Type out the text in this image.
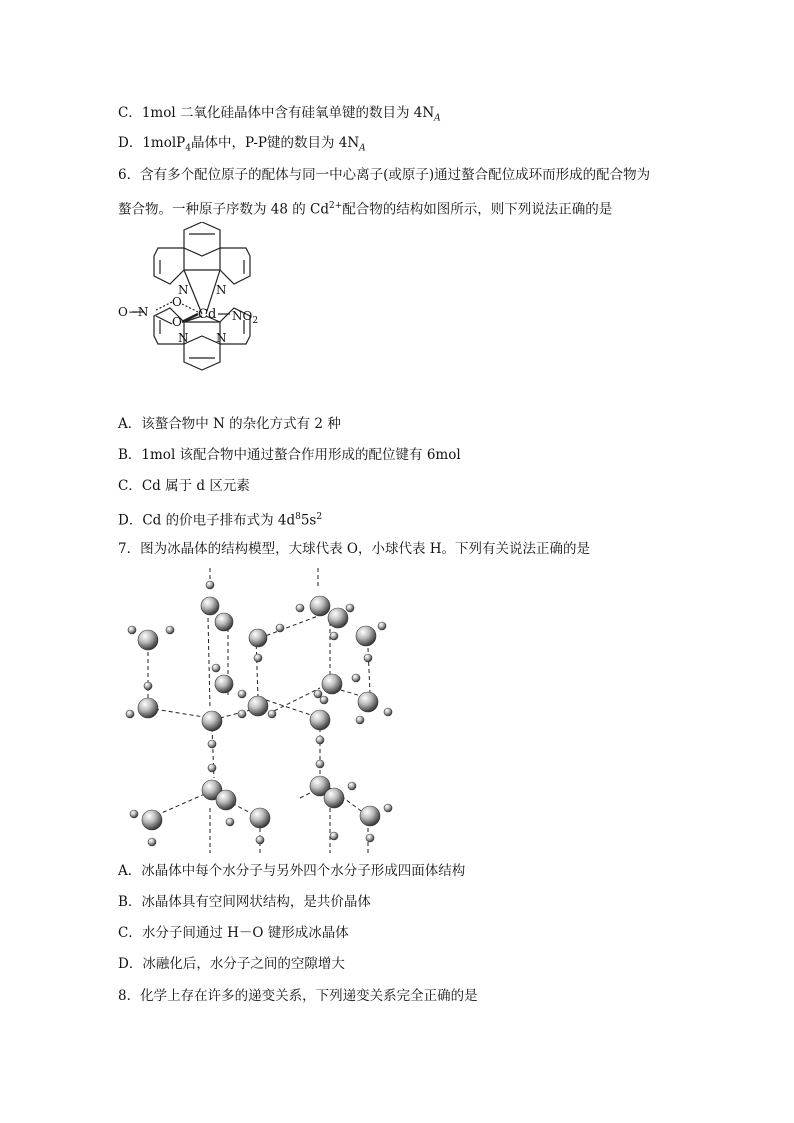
C．1mol 二氧化硅晶体中含有硅氧单键的数目为 $4N_A$
D．1molP$_4$晶体中，P-P键的数目为 $4N_A$
6．含有多个配位原子的配体与同一中心离子(或原子)通过螯合配位成环而形成的配合物为
螯合物。一种原子序数为 48 的 $Cd^{2+}$配合物的结构如图所示，则下列说法正确的是
N N
N N
O−N
O
O Cd $NO_2$
A．该螯合物中 N 的杂化方式有 2 种
B．1mol 该配合物中通过螯合作用形成的配位键有 6mol
C．Cd 属于 d 区元素
D．Cd 的价电子排布式为 $4d^85s^2$
7．图为冰晶体的结构模型，大球代表 O，小球代表 H。下列有关说法正确的是
A．冰晶体中每个水分子与另外四个水分子形成四面体结构
B．冰晶体具有空间网状结构，是共价晶体
C．水分子间通过 H－O 键形成冰晶体
D．冰融化后，水分子之间的空隙增大
8．化学上存在许多的递变关系，下列递变关系完全正确的是
